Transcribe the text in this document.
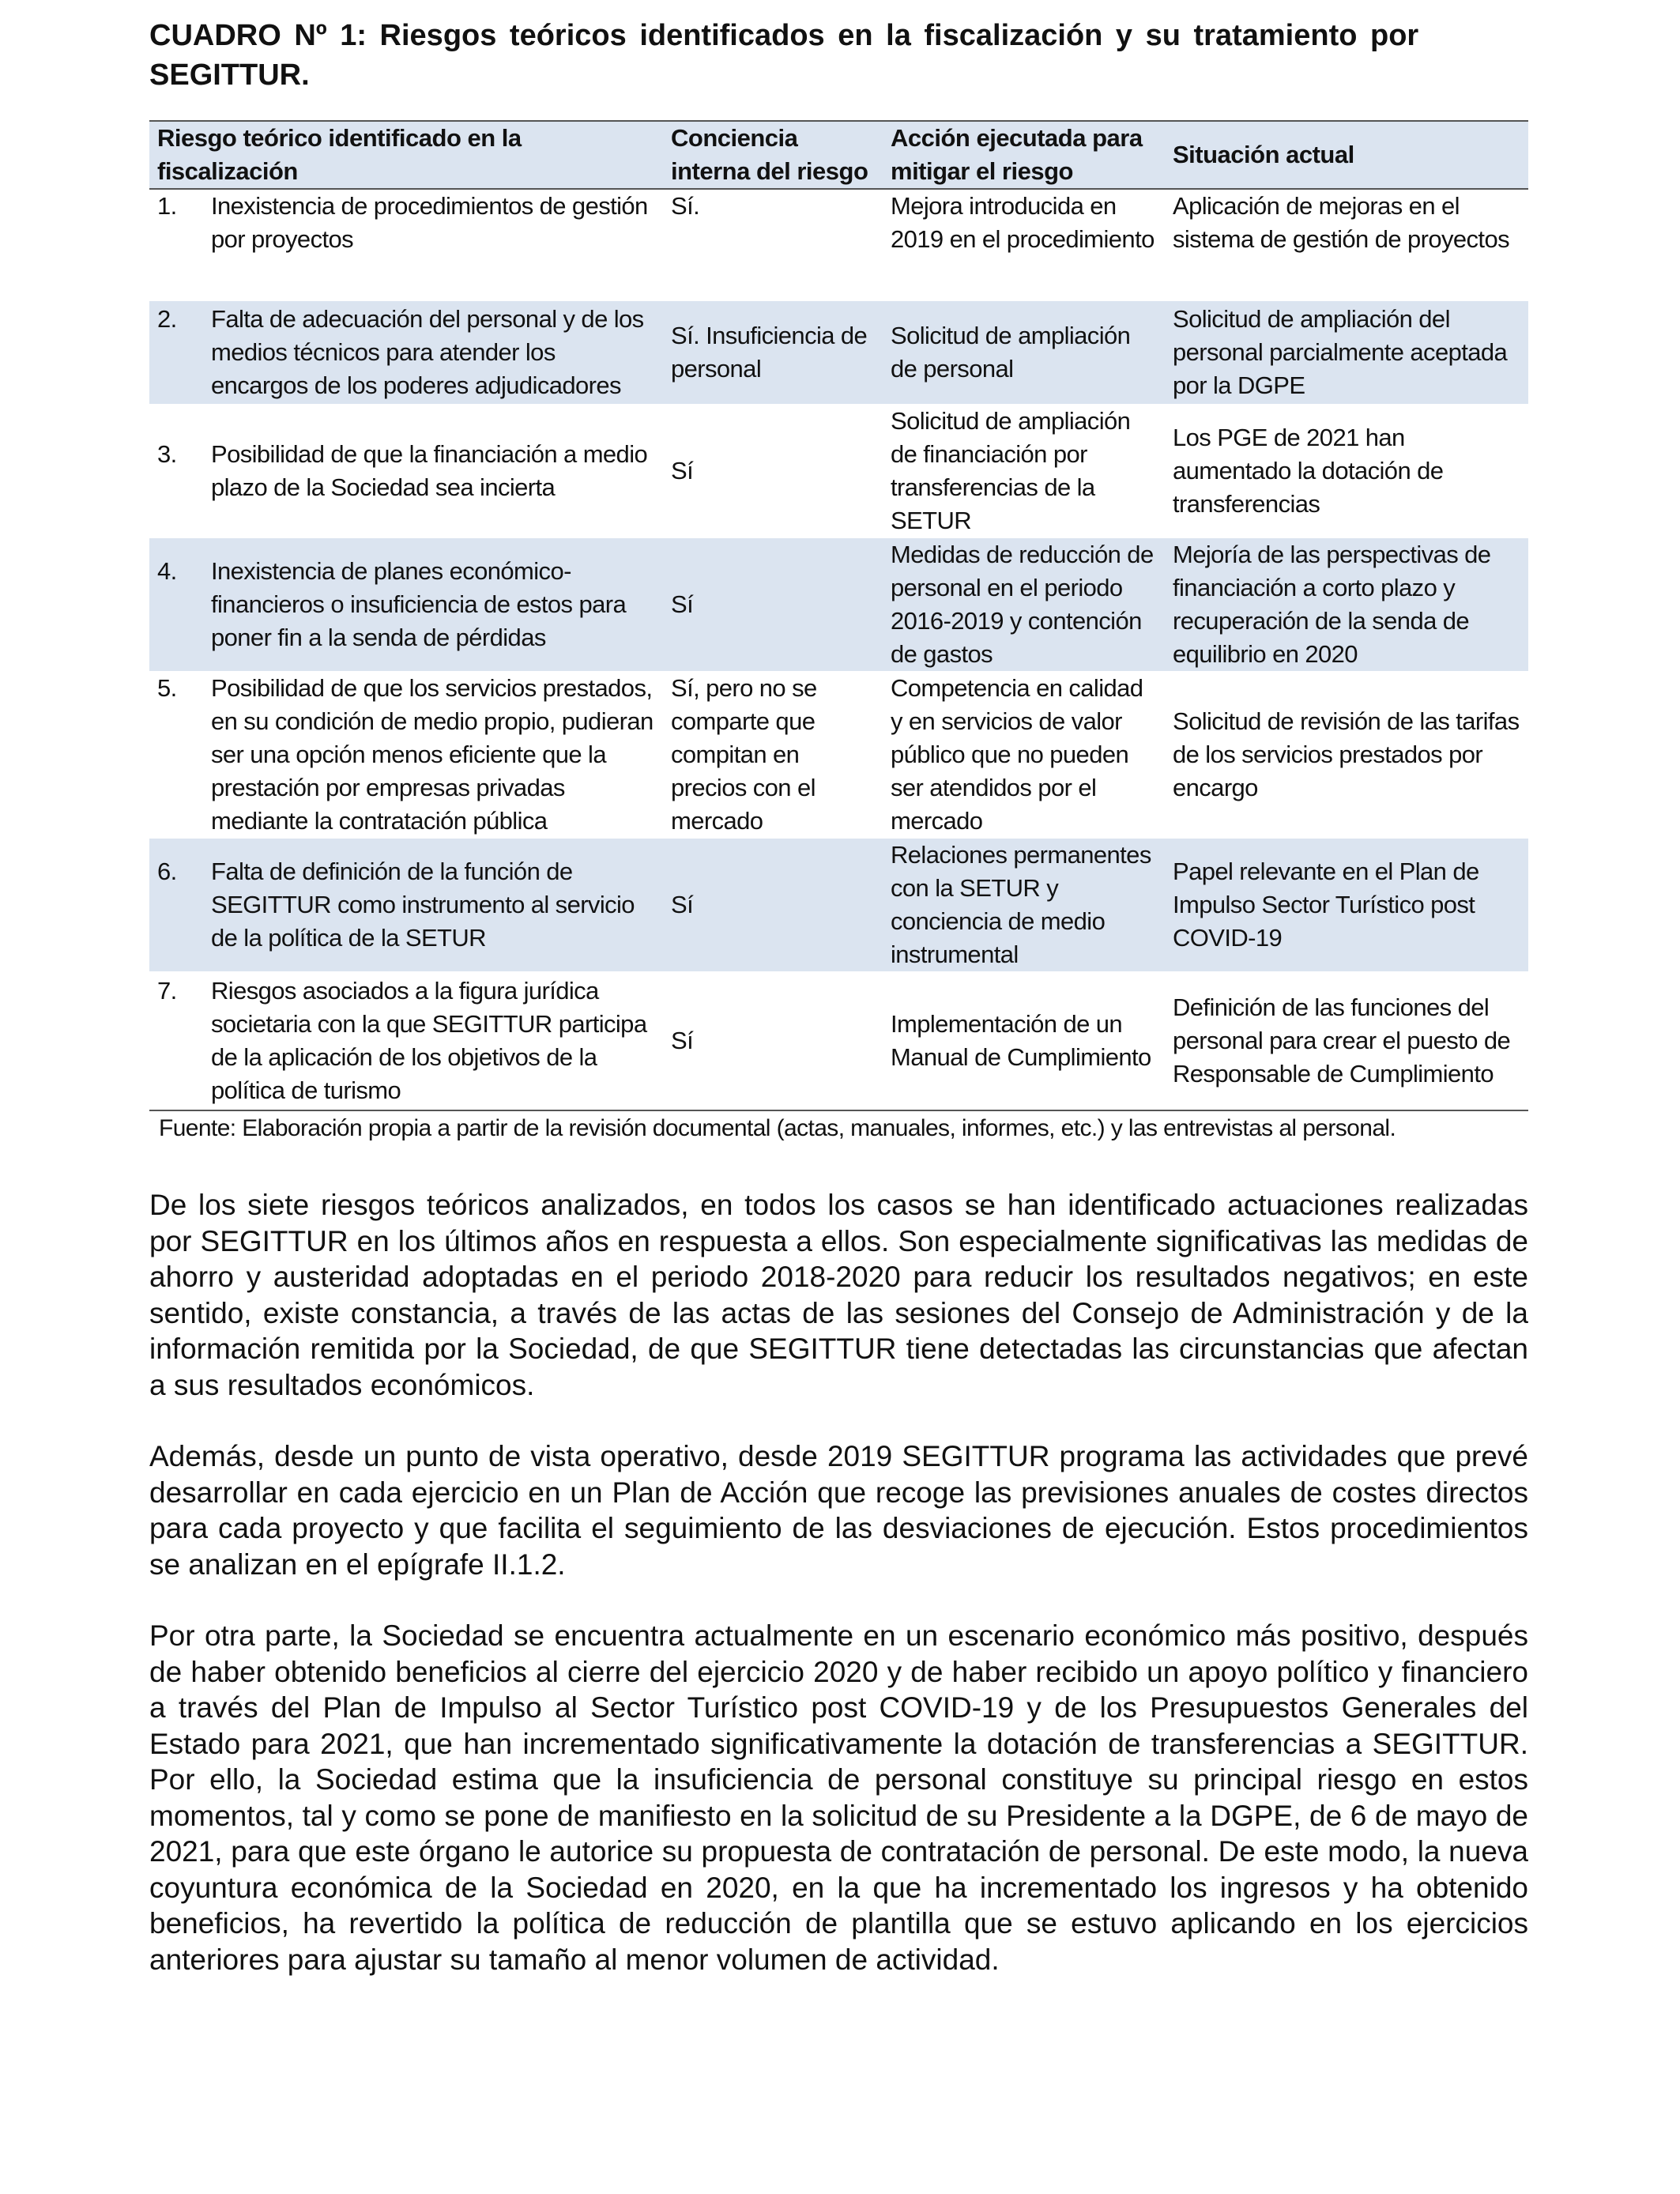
CUADRO Nº 1: Riesgos teóricos identificados en la fiscalización y su tratamiento por
SEGITTUR.
Riesgo teórico identificado en la fiscalización	Conciencia interna del riesgo	Acción ejecutada para mitigar el riesgo	Situación actual
1. Inexistencia de procedimientos de gestión por proyectos	Sí.	Mejora introducida en 2019 en el procedimiento	Aplicación de mejoras en el sistema de gestión de proyectos
2. Falta de adecuación del personal y de los medios técnicos para atender los encargos de los poderes adjudicadores	Sí. Insuficiencia de personal	Solicitud de ampliación de personal	Solicitud de ampliación del personal parcialmente aceptada por la DGPE
3. Posibilidad de que la financiación a medio plazo de la Sociedad sea incierta	Sí	Solicitud de ampliación de financiación por transferencias de la SETUR	Los PGE de 2021 han aumentado la dotación de transferencias
4. Inexistencia de planes económico-financieros o insuficiencia de estos para poner fin a la senda de pérdidas	Sí	Medidas de reducción de personal en el periodo 2016-2019 y contención de gastos	Mejoría de las perspectivas de financiación a corto plazo y recuperación de la senda de equilibrio en 2020
5. Posibilidad de que los servicios prestados, en su condición de medio propio, pudieran ser una opción menos eficiente que la prestación por empresas privadas mediante la contratación pública	Sí, pero no se comparte que compitan en precios con el mercado	Competencia en calidad y en servicios de valor público que no pueden ser atendidos por el mercado	Solicitud de revisión de las tarifas de los servicios prestados por encargo
6. Falta de definición de la función de SEGITTUR como instrumento al servicio de la política de la SETUR	Sí	Relaciones permanentes con la SETUR y conciencia de medio instrumental	Papel relevante en el Plan de Impulso Sector Turístico post COVID-19
7. Riesgos asociados a la figura jurídica societaria con la que SEGITTUR participa de la aplicación de los objetivos de la política de turismo	Sí	Implementación de un Manual de Cumplimiento	Definición de las funciones del personal para crear el puesto de Responsable de Cumplimiento
Fuente: Elaboración propia a partir de la revisión documental (actas, manuales, informes, etc.) y las entrevistas al personal.

De los siete riesgos teóricos analizados, en todos los casos se han identificado actuaciones realizadas por SEGITTUR en los últimos años en respuesta a ellos. Son especialmente significativas las medidas de ahorro y austeridad adoptadas en el periodo 2018-2020 para reducir los resultados negativos; en este sentido, existe constancia, a través de las actas de las sesiones del Consejo de Administración y de la información remitida por la Sociedad, de que SEGITTUR tiene detectadas las circunstancias que afectan a sus resultados económicos.

Además, desde un punto de vista operativo, desde 2019 SEGITTUR programa las actividades que prevé desarrollar en cada ejercicio en un Plan de Acción que recoge las previsiones anuales de costes directos para cada proyecto y que facilita el seguimiento de las desviaciones de ejecución. Estos procedimientos se analizan en el epígrafe II.1.2.

Por otra parte, la Sociedad se encuentra actualmente en un escenario económico más positivo, después de haber obtenido beneficios al cierre del ejercicio 2020 y de haber recibido un apoyo político y financiero a través del Plan de Impulso al Sector Turístico post COVID-19 y de los Presupuestos Generales del Estado para 2021, que han incrementado significativamente la dotación de transferencias a SEGITTUR. Por ello, la Sociedad estima que la insuficiencia de personal constituye su principal riesgo en estos momentos, tal y como se pone de manifiesto en la solicitud de su Presidente a la DGPE, de 6 de mayo de 2021, para que este órgano le autorice su propuesta de contratación de personal. De este modo, la nueva coyuntura económica de la Sociedad en 2020, en la que ha incrementado los ingresos y ha obtenido beneficios, ha revertido la política de reducción de plantilla que se estuvo aplicando en los ejercicios anteriores para ajustar su tamaño al menor volumen de actividad.
